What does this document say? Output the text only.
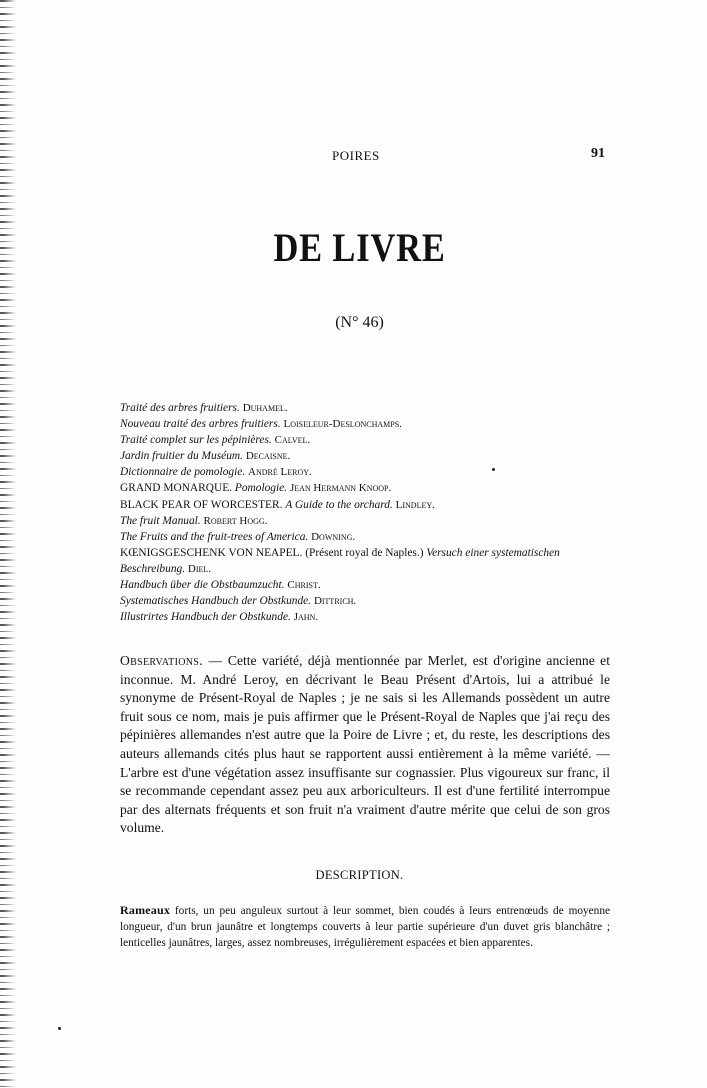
POIRES	91
DE LIVRE
(N° 46)
Traité des arbres fruitiers. Duhamel.
Nouveau traité des arbres fruitiers. Loiseleur-Deslonchamps.
Traité complet sur les pépinières. Calvel.
Jardin fruitier du Muséum. Decaisne.
Dictionnaire de pomologie. André Leroy.
GRAND MONARQUE. Pomologie. Jean Hermann Knoop.
BLACK PEAR OF WORCESTER. A Guide to the orchard. Lindley.
The fruit Manual. Robert Hogg.
The Fruits and the fruit-trees of America. Downing.
KŒNIGSGESCHENK VON NEAPEL. (Présent royal de Naples.) Versuch einer systematischen Beschreibung. Diel.
Handbuch über die Obstbaumzucht. Christ.
Systematisches Handbuch der Obstkunde. Dittrich.
Illustrirtes Handbuch der Obstkunde. Jahn.
Observations. — Cette variété, déjà mentionnée par Merlet, est d'origine ancienne et inconnue. M. André Leroy, en décrivant le Beau Présent d'Artois, lui a attribué le synonyme de Présent-Royal de Naples ; je ne sais si les Allemands possèdent un autre fruit sous ce nom, mais je puis affirmer que le Présent-Royal de Naples que j'ai reçu des pépinières allemandes n'est autre que la Poire de Livre ; et, du reste, les descriptions des auteurs allemands cités plus haut se rapportent aussi entièrement à la même variété. — L'arbre est d'une végétation assez insuffisante sur cognassier. Plus vigoureux sur franc, il se recommande cependant assez peu aux arboriculteurs. Il est d'une fertilité interrompue par des alternats fréquents et son fruit n'a vraiment d'autre mérite que celui de son gros volume.
DESCRIPTION.
Rameaux forts, un peu anguleux surtout à leur sommet, bien coudés à leurs entrenœuds de moyenne longueur, d'un brun jaunâtre et longtemps couverts à leur partie supérieure d'un duvet gris blanchâtre ; lenticelles jaunâtres, larges, assez nombreuses, irrégulièrement espacées et bien apparentes.
